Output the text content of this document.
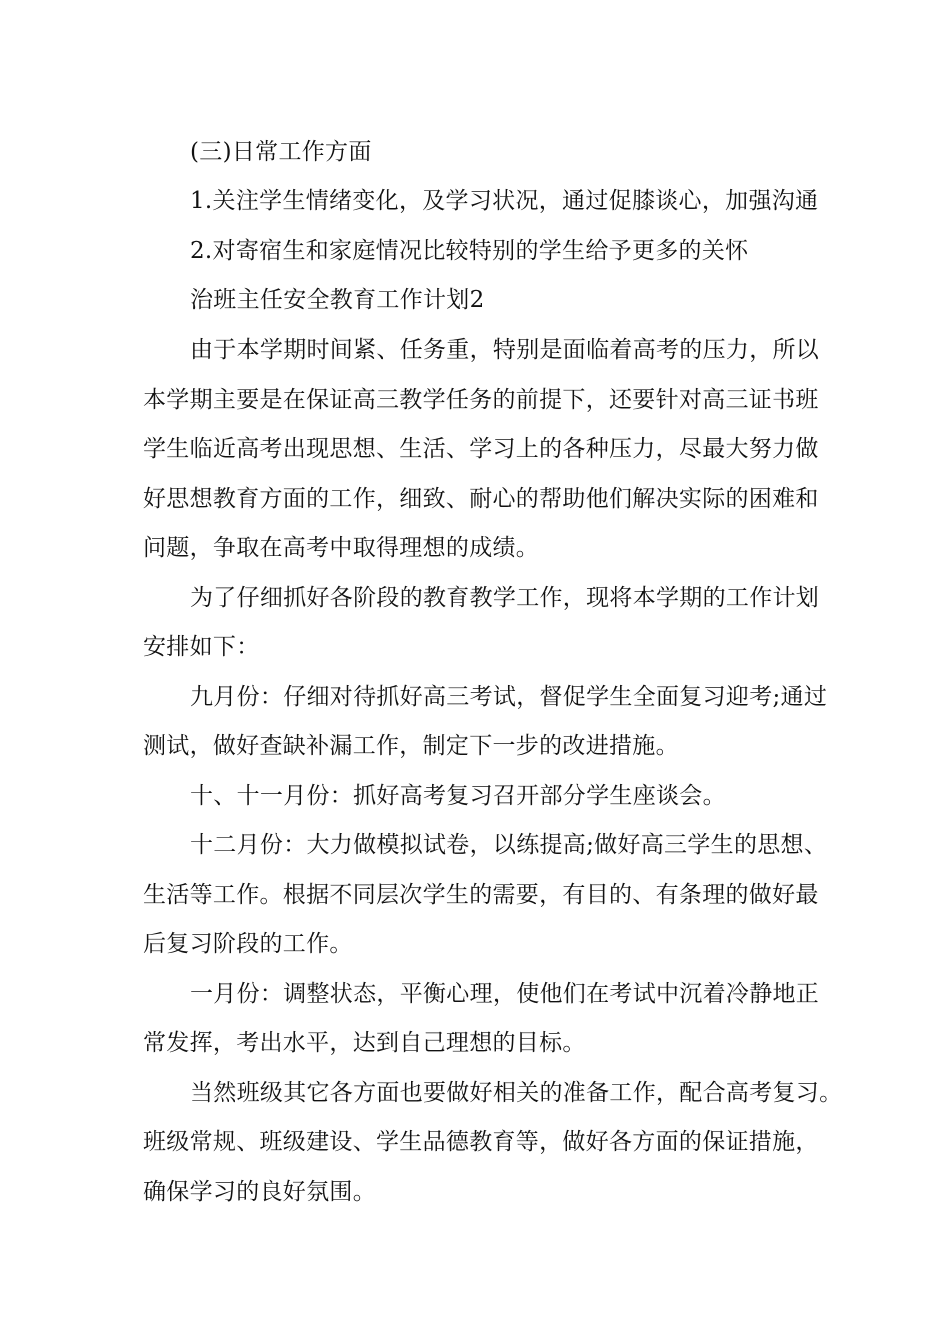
(三)日常工作方面
1.关注学生情绪变化，及学习状况，通过促膝谈心，加强沟通
2.对寄宿生和家庭情况比较特别的学生给予更多的关怀
治班主任安全教育工作计划2
由于本学期时间紧、任务重，特别是面临着高考的压力，所以
本学期主要是在保证高三教学任务的前提下，还要针对高三证书班
学生临近高考出现思想、生活、学习上的各种压力，尽最大努力做
好思想教育方面的工作，细致、耐心的帮助他们解决实际的困难和
问题，争取在高考中取得理想的成绩。
为了仔细抓好各阶段的教育教学工作，现将本学期的工作计划
安排如下：
九月份：仔细对待抓好高三考试，督促学生全面复习迎考;通过
测试，做好查缺补漏工作，制定下一步的改进措施。
十、十一月份：抓好高考复习召开部分学生座谈会。
十二月份：大力做模拟试卷，以练提高;做好高三学生的思想、
生活等工作。根据不同层次学生的需要，有目的、有条理的做好最
后复习阶段的工作。
一月份：调整状态，平衡心理，使他们在考试中沉着冷静地正
常发挥，考出水平，达到自己理想的目标。
当然班级其它各方面也要做好相关的准备工作，配合高考复习。
班级常规、班级建设、学生品德教育等，做好各方面的保证措施，
确保学习的良好氛围。
